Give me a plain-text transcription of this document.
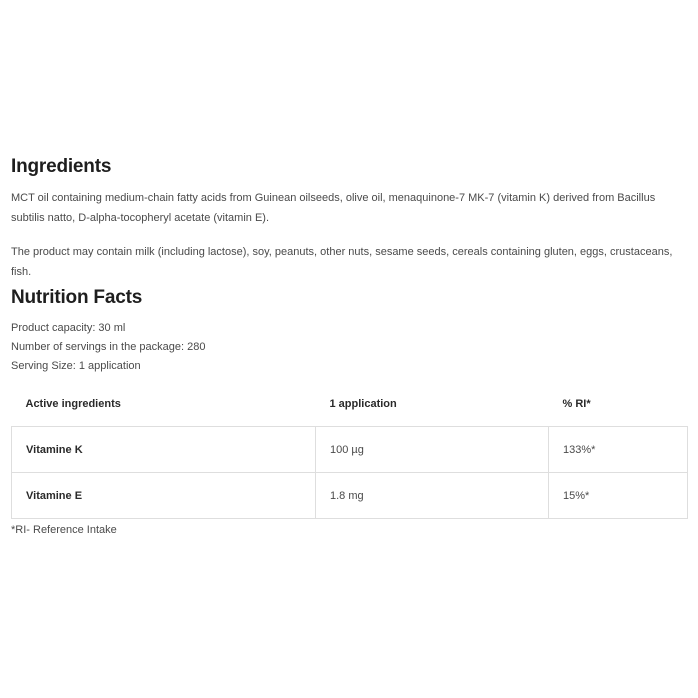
Ingredients

MCT oil containing medium-chain fatty acids from Guinean oilseeds, olive oil, menaquinone-7 MK-7 (vitamin K) derived from Bacillus subtilis natto, D-alpha-tocopheryl acetate (vitamin E).

The product may contain milk (including lactose), soy, peanuts, other nuts, sesame seeds, cereals containing gluten, eggs, crustaceans, fish.

Nutrition Facts
Product capacity: 30 ml
Number of servings in the package: 280
Serving Size: 1 application
Active ingredients	1 application	% RI*
Vitamine K	100 µg	133%*
Vitamine E	1.8 mg	15%*
*RI- Reference Intake
